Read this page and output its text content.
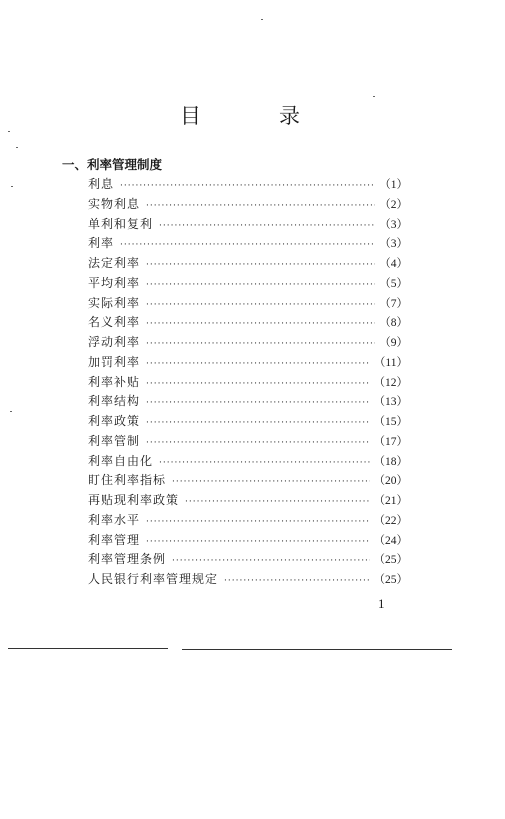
目	录
一、利率管理制度
利息 ·····	（1）
实物利息 ·····	（2）
单利和复利 ·····	（3）
利率 ·····	（3）
法定利率 ·····	（4）
平均利率 ·····	（5）
实际利率 ·····	（7）
名义利率 ·····	（8）
浮动利率 ·····	（9）
加罚利率 ·····	（11）
利率补贴 ·····	（12）
利率结构 ·····	（13）
利率政策 ·····	（15）
利率管制 ·····	（17）
利率自由化 ·····	（18）
盯住利率指标 ·····	（20）
再贴现利率政策 ·····	（21）
利率水平 ·····	（22）
利率管理 ·····	（24）
利率管理条例 ·····	（25）
人民银行利率管理规定 ·····	（25）
1
